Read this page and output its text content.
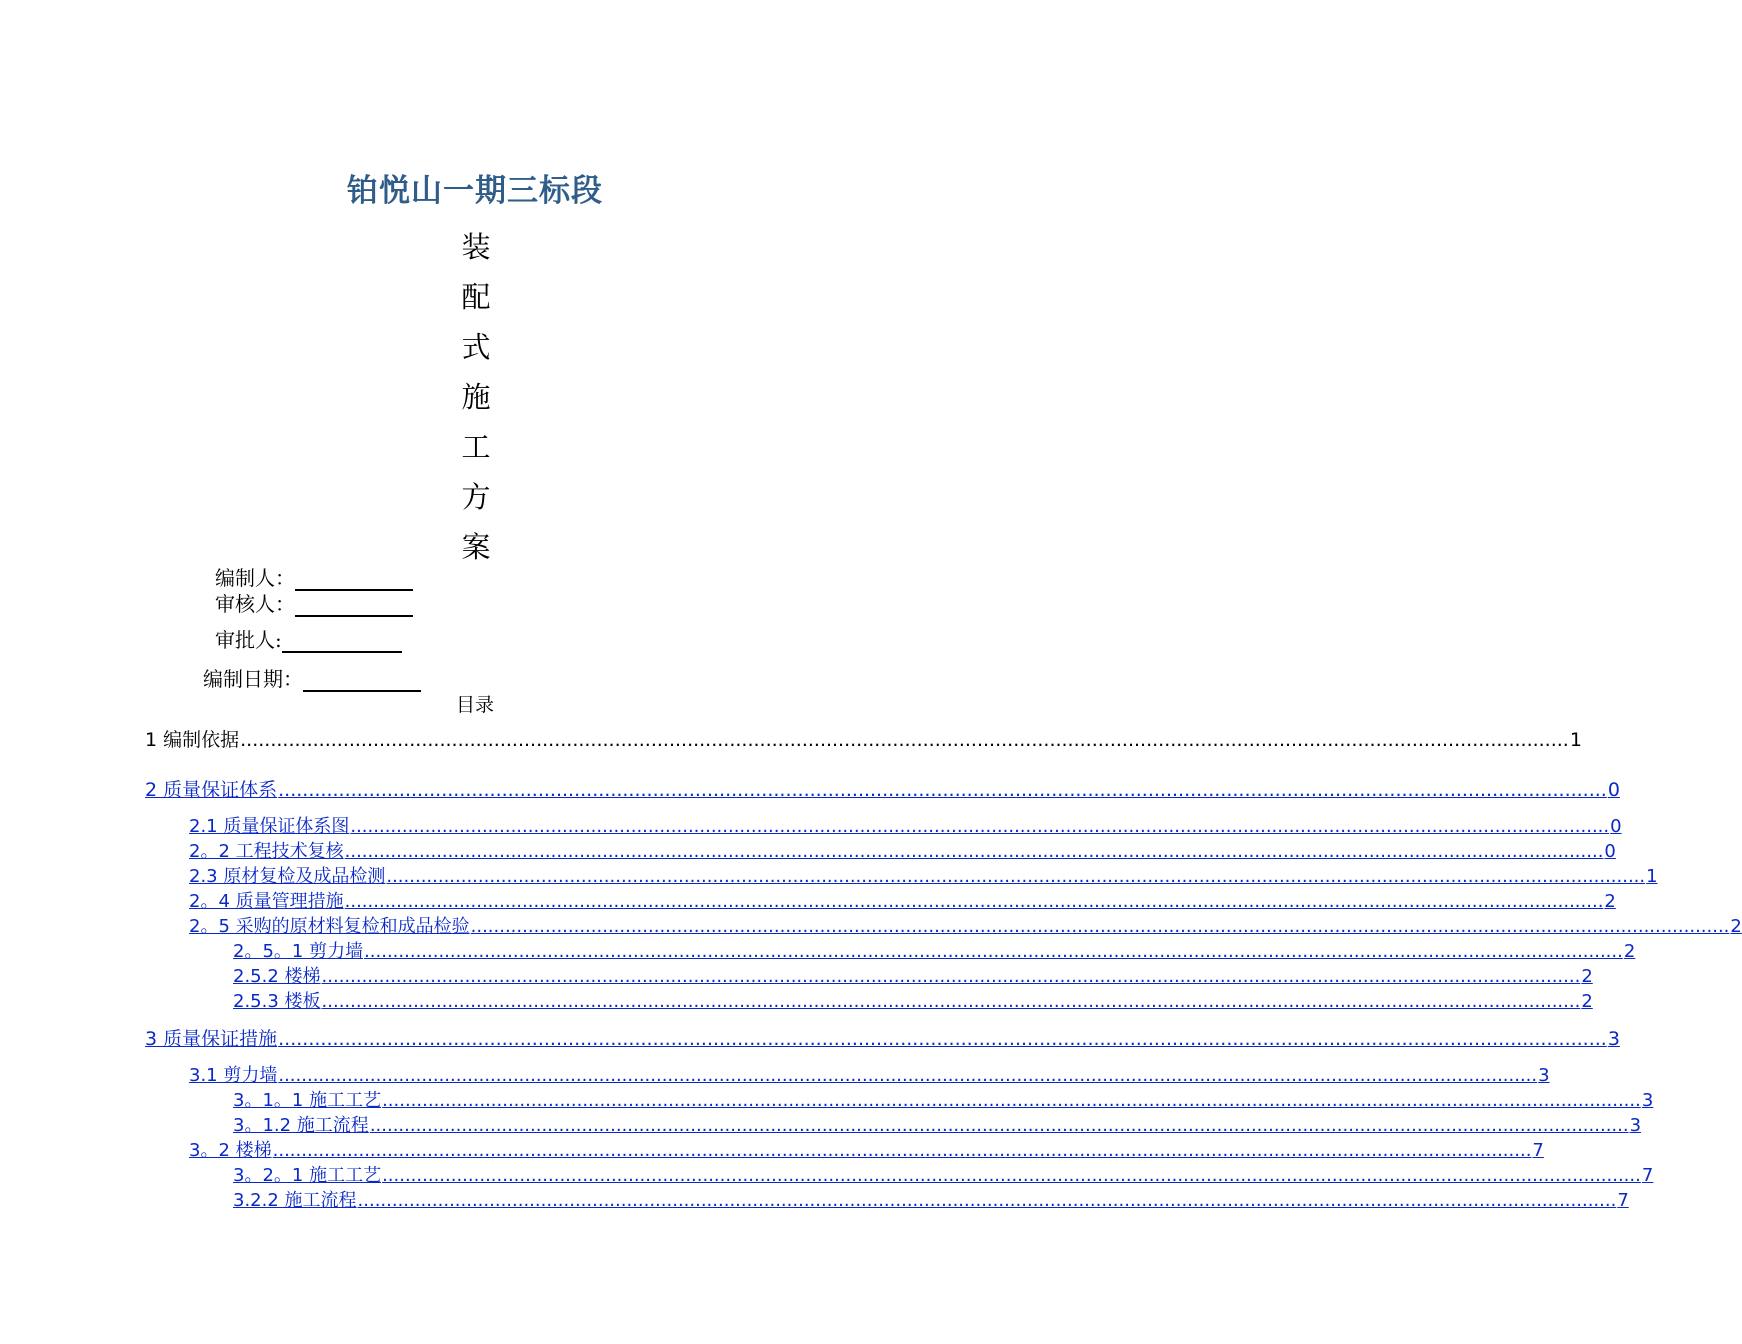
铂悦山一期三标段
装
配
式
施
工
方
案
编制人：
审核人：
审批人:
编制日期：
目录
1 编制依据 ............................................................................................................................................................................................................................ 1
2 质量保证体系 ............................................................................................................................................................................................................................ 0
2.1 质量保证体系图 ............................................................................................................................................................................................................................ 0
2。2 工程技术复核 ............................................................................................................................................................................................................................ 0
2.3 原材复检及成品检测 ............................................................................................................................................................................................................................ 1
2。4 质量管理措施 ............................................................................................................................................................................................................................ 2
2。5 采购的原材料复检和成品检验 ............................................................................................................................................................................................................................ 2
2。5。1 剪力墙 ............................................................................................................................................................................................................................ 2
2.5.2 楼梯 ............................................................................................................................................................................................................................ 2
2.5.3 楼板 ............................................................................................................................................................................................................................ 2
3 质量保证措施 ............................................................................................................................................................................................................................ 3
3.1 剪力墙 ............................................................................................................................................................................................................................ 3
3。1。1 施工工艺 ............................................................................................................................................................................................................................ 3
3。1.2 施工流程 ............................................................................................................................................................................................................................ 3
3。2 楼梯 ............................................................................................................................................................................................................................ 7
3。2。1 施工工艺 ............................................................................................................................................................................................................................ 7
3.2.2 施工流程 ............................................................................................................................................................................................................................ 7
